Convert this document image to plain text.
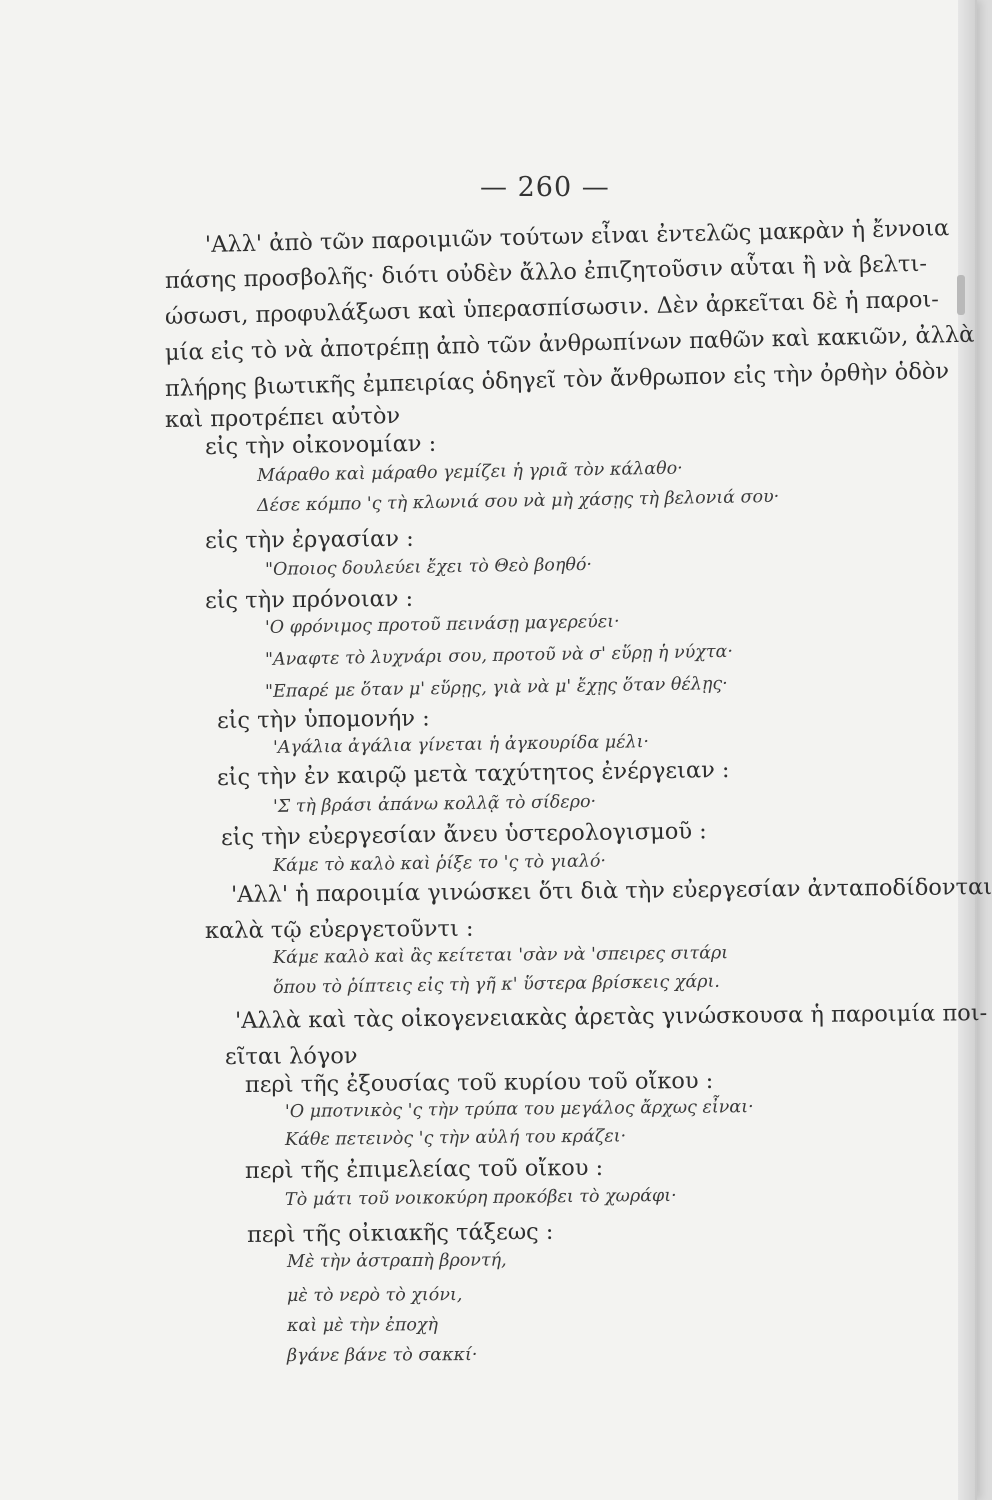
— 260 —
'Αλλ' ἀπὸ τῶν παροιμιῶν τούτων εἶναι ἐντελῶς μακρὰν ἡ ἔννοια
πάσης προσβολῆς· διότι οὐδὲν ἄλλο ἐπιζητοῦσιν αὗται ἢ νὰ βελτι-
ώσωσι, προφυλάξωσι καὶ ὑπερασπίσωσιν. Δὲν ἀρκεῖται δὲ ἡ παροι-
μία εἰς τὸ νὰ ἀποτρέπῃ ἀπὸ τῶν ἀνθρωπίνων παθῶν καὶ κακιῶν, ἀλλὰ
πλήρης βιωτικῆς ἐμπειρίας ὁδηγεῖ τὸν ἄνθρωπον εἰς τὴν ὀρθὴν ὁδὸν
καὶ προτρέπει αὐτὸν
εἰς τὴν οἰκονομίαν :
Μάραθο καὶ μάραθο γεμίζει ἡ γριᾶ τὸν κάλαθο·
Δέσε κόμπο 'ς τὴ κλωνιά σου νὰ μὴ χάσῃς τὴ βελονιά σου·
εἰς τὴν ἐργασίαν :
"Οποιος δουλεύει ἔχει τὸ Θεὸ βοηθό·
εἰς τὴν πρόνοιαν :
'Ο φρόνιμος προτοῦ πεινάσῃ μαγερεύει·
"Αναφτε τὸ λυχνάρι σου, προτοῦ νὰ σ' εὕρῃ ἡ νύχτα·
"Επαρέ με ὅταν μ' εὕρῃς, γιὰ νὰ μ' ἔχῃς ὅταν θέλῃς·
εἰς τὴν ὑπομονήν :
'Αγάλια ἀγάλια γίνεται ἡ ἀγκουρίδα μέλι·
εἰς τὴν ἐν καιρῷ μετὰ ταχύτητος ἐνέργειαν :
'Σ τὴ βράσι ἀπάνω κολλᾷ τὸ σίδερο·
εἰς τὴν εὐεργεσίαν ἄνευ ὑστερολογισμοῦ :
Κάμε τὸ καλὸ καὶ ῥίξε το 'ς τὸ γιαλό·
'Αλλ' ἡ παροιμία γινώσκει ὅτι διὰ τὴν εὐεργεσίαν ἀνταποδίδονται
καλὰ τῷ εὐεργετοῦντι :
Κάμε καλὸ καὶ ἂς κείτεται 'σὰν νὰ 'σπειρες σιτάρι
ὅπου τὸ ῥίπτεις εἰς τὴ γῆ κ' ὕστερα βρίσκεις χάρι.
'Αλλὰ καὶ τὰς οἰκογενειακὰς ἀρετὰς γινώσκουσα ἡ παροιμία ποι-
εῖται λόγον
περὶ τῆς ἐξουσίας τοῦ κυρίου τοῦ οἴκου :
'Ο μποτνικὸς 'ς τὴν τρύπα του μεγάλος ἄρχως εἶναι·
Κάθε πετεινὸς 'ς τὴν αὐλή του κράζει·
περὶ τῆς ἐπιμελείας τοῦ οἴκου :
Τὸ μάτι τοῦ νοικοκύρη προκόβει τὸ χωράφι·
περὶ τῆς οἰκιακῆς τάξεως :
Μὲ τὴν ἀστραπὴ βροντή,
μὲ τὸ νερὸ τὸ χιόνι,
καὶ μὲ τὴν ἐποχὴ
βγάνε βάνε τὸ σακκί·
